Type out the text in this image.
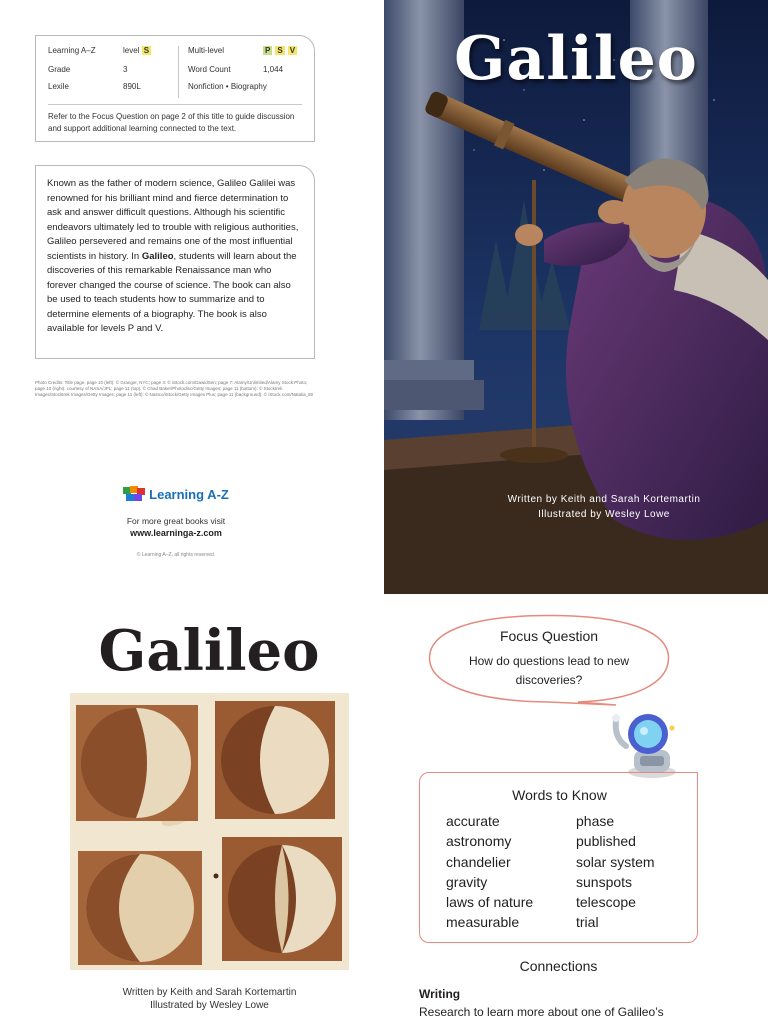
Learning A–Z	level S	Multi-level	P S V
Grade	3	Word Count	1,044
Lexile	890L	Nonfiction • Biography
Refer to the Focus Question on page 2 of this title to guide discussion and support additional learning connected to the text.
Known as the father of modern science, Galileo Galilei was renowned for his brilliant mind and fierce determination to ask and answer difficult questions. Although his scientific endeavors ultimately led to trouble with religious authorities, Galileo persevered and remains one of the most influential scientists in history. In Galileo, students will learn about the discoveries of this remarkable Renaissance man who forever changed the course of science. The book can also be used to teach students how to summarize and to determine elements of a biography. The book is also available for levels P and V.
Photo Credits: Title page, page 10 (left): © Granger, NYC; page 4: © iStock.com/DawidSen; page 7: Alamy/Unlimited/Alamy Stock Photo; page 10 (right): courtesy of NASA/JPL; page 11 (top): © Chad Baker/Photodisc/Getty Images; page 11 (bottom): © Stocktrek Images/Stocktrek Images/Getty Images; page 11 (left): © Nastco/iStock/Getty Images Plus; page 11 (background): © iStock.com/Natalia_80
Learning A-Z
For more great books visit
www.learninga-z.com
© Learning A–Z, all rights reserved.
Galileo
Written by Keith and Sarah Kortemartin
Illustrated by Wesley Lowe
Galileo
Written by Keith and Sarah Kortemartin
Illustrated by Wesley Lowe
Focus Question
How do questions lead to new discoveries?
Words to Know
accurate
astronomy
chandelier
gravity
laws of nature
measurable
phase
published
solar system
sunspots
telescope
trial
Connections
Writing
Research to learn more about one of Galileo’s
